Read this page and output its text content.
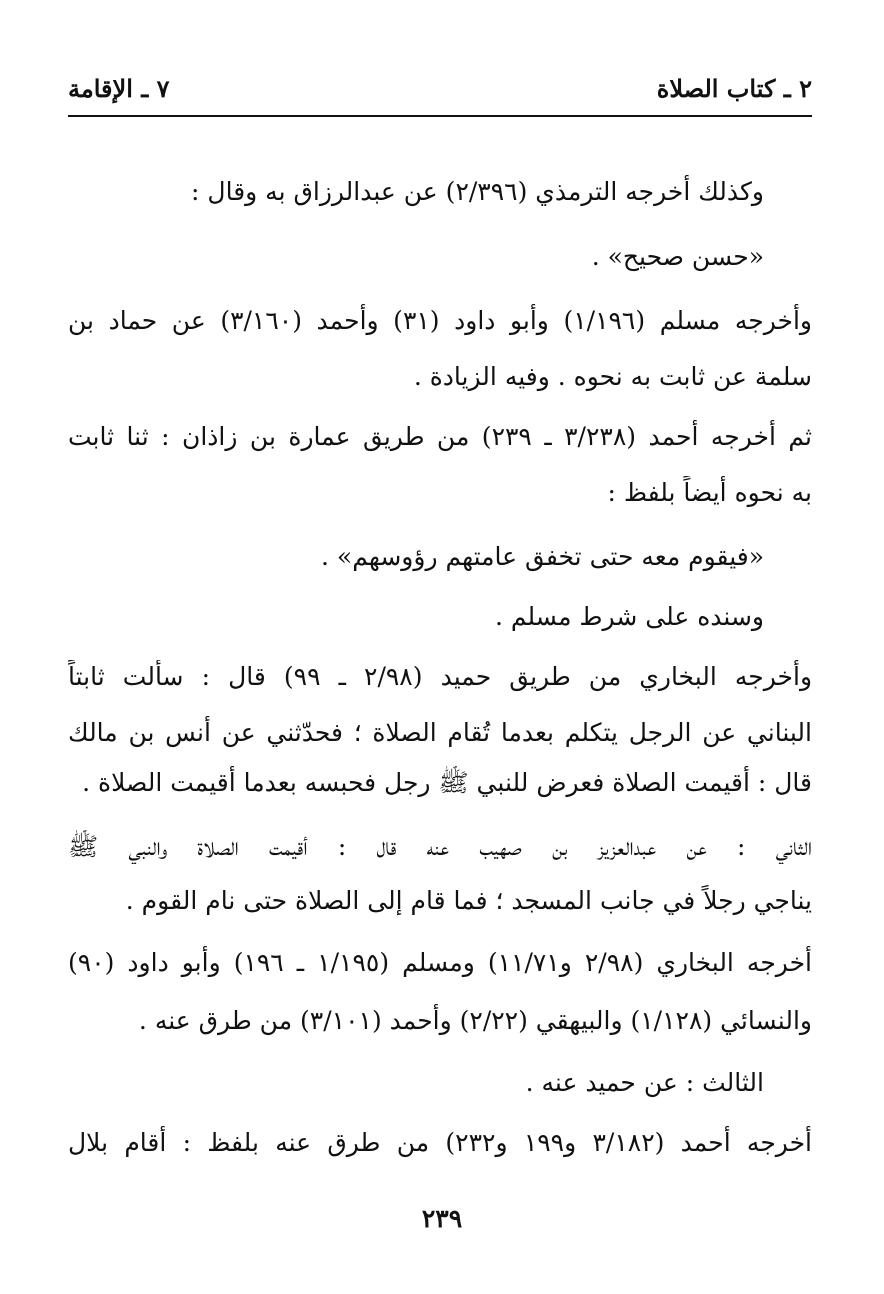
٢ ـ كتاب الصلاة
٧ ـ الإقامة
وكذلك أخرجه الترمذي (٢/٣٩٦) عن عبدالرزاق به وقال :
«حسن صحيح» .
وأخرجه مسلم (١/١٩٦) وأبو داود (٣١) وأحمد (٣/١٦٠) عن حماد بن
سلمة عن ثابت به نحوه . وفيه الزيادة .
ثم أخرجه أحمد (٣/٢٣٨ ـ ٢٣٩) من طريق عمارة بن زاذان : ثنا ثابت
به نحوه أيضاً بلفظ :
«فيقوم معه حتى تخفق عامتهم رؤوسهم» .
وسنده على شرط مسلم .
وأخرجه البخاري من طريق حميد (٢/٩٨ ـ ٩٩) قال : سألت ثابتاً
البناني عن الرجل يتكلم بعدما تُقام الصلاة ؛ فحدّثني عن أنس بن مالك
قال : أقيمت الصلاة فعرض للنبي ﷺ رجل فحبسه بعدما أقيمت الصلاة .
الثاني : عن عبدالعزيز بن صهيب عنه قال : أقيمت الصلاة والنبي ﷺ
يناجي رجلاً في جانب المسجد ؛ فما قام إلى الصلاة حتى نام القوم .
أخرجه البخاري (٢/٩٨ و١١/٧١) ومسلم (١/١٩٥ ـ ١٩٦) وأبو داود (٩٠)
والنسائي (١/١٢٨) والبيهقي (٢/٢٢) وأحمد (٣/١٠١) من طرق عنه .
الثالث : عن حميد عنه .
أخرجه أحمد (٣/١٨٢ و١٩٩ و٢٣٢) من طرق عنه بلفظ : أقام بلال
٢٣٩
